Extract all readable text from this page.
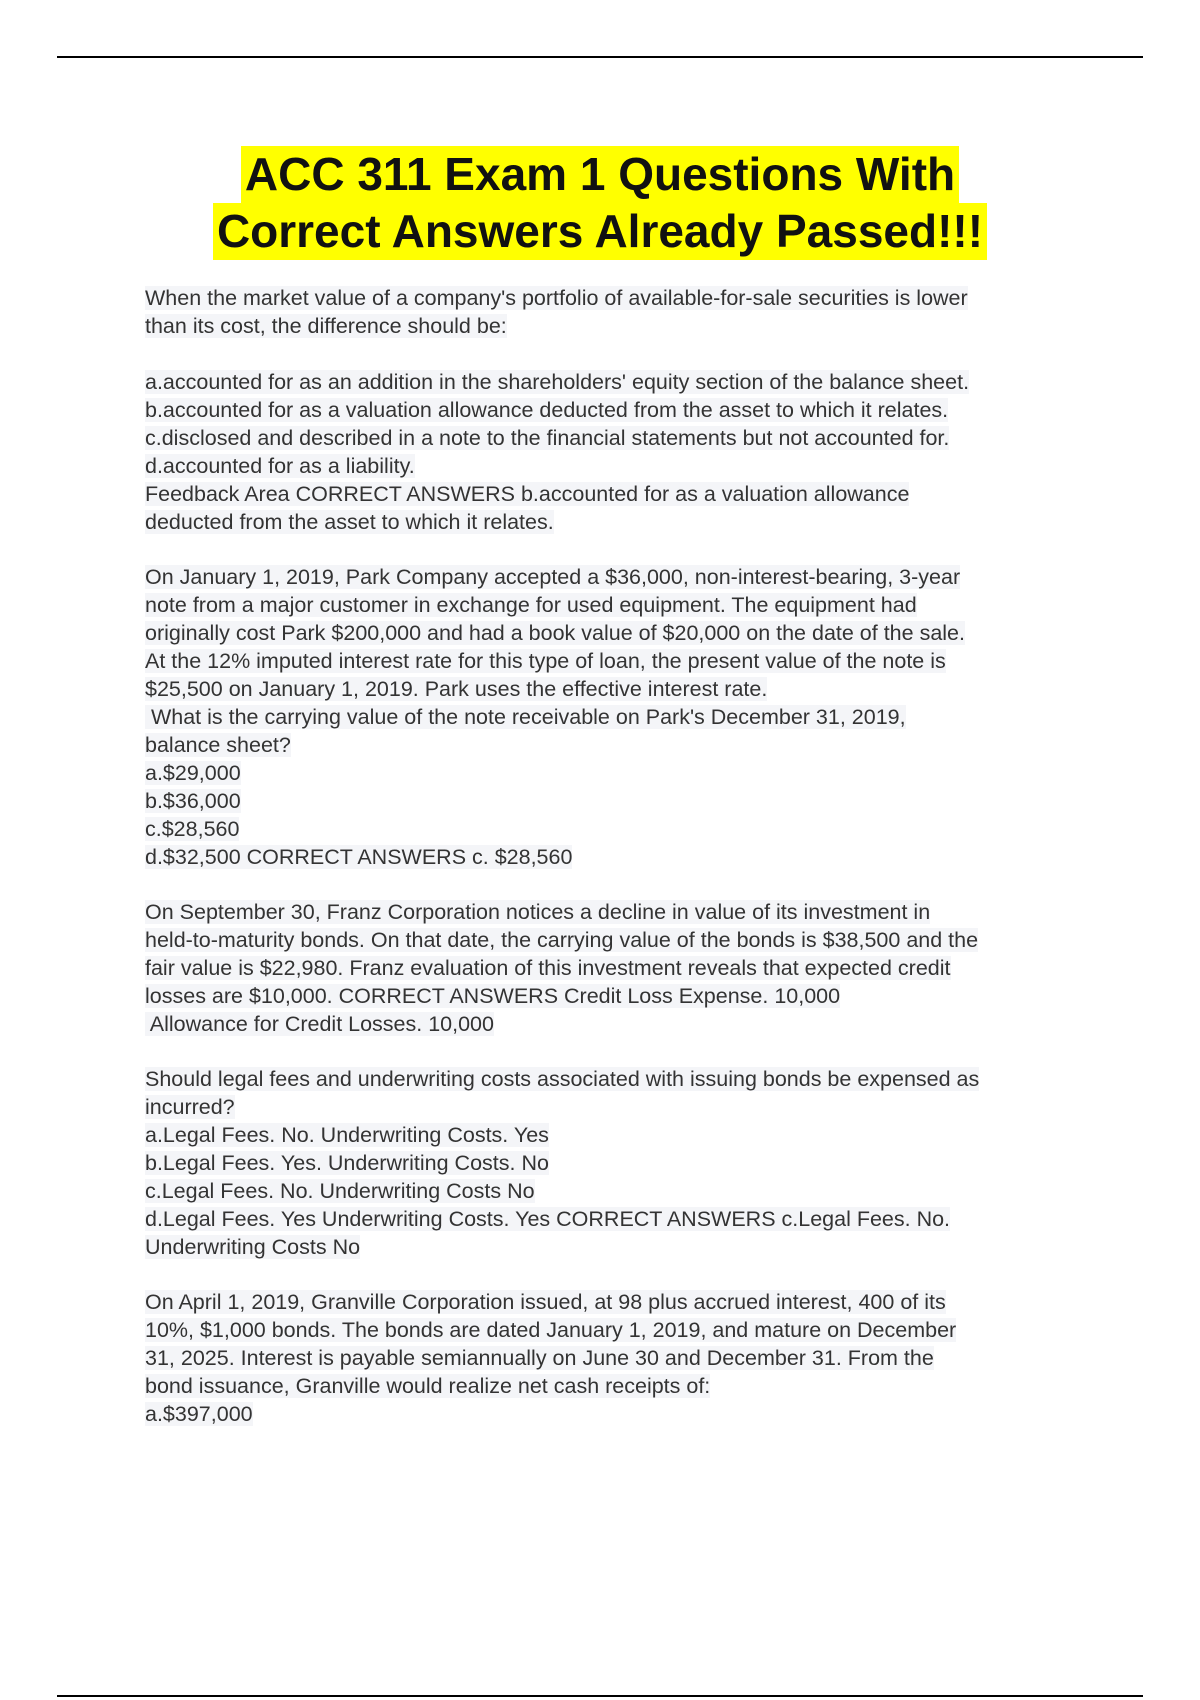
ACC 311 Exam 1 Questions With
Correct Answers Already Passed!!!
When the market value of a company's portfolio of available-for-sale securities is lower
than its cost, the difference should be:
a.accounted for as an addition in the shareholders' equity section of the balance sheet.
b.accounted for as a valuation allowance deducted from the asset to which it relates.
c.disclosed and described in a note to the financial statements but not accounted for.
d.accounted for as a liability.
Feedback Area CORRECT ANSWERS b.accounted for as a valuation allowance
deducted from the asset to which it relates.
On January 1, 2019, Park Company accepted a $36,000, non-interest-bearing, 3-year
note from a major customer in exchange for used equipment. The equipment had
originally cost Park $200,000 and had a book value of $20,000 on the date of the sale.
At the 12% imputed interest rate for this type of loan, the present value of the note is
$25,500 on January 1, 2019. Park uses the effective interest rate.
What is the carrying value of the note receivable on Park's December 31, 2019,
balance sheet?
a.$29,000
b.$36,000
c.$28,560
d.$32,500 CORRECT ANSWERS c. $28,560
On September 30, Franz Corporation notices a decline in value of its investment in
held-to-maturity bonds. On that date, the carrying value of the bonds is $38,500 and the
fair value is $22,980. Franz evaluation of this investment reveals that expected credit
losses are $10,000. CORRECT ANSWERS Credit Loss Expense. 10,000
Allowance for Credit Losses. 10,000
Should legal fees and underwriting costs associated with issuing bonds be expensed as
incurred?
a.Legal Fees. No. Underwriting Costs. Yes
b.Legal Fees. Yes. Underwriting Costs. No
c.Legal Fees. No. Underwriting Costs No
d.Legal Fees. Yes Underwriting Costs. Yes CORRECT ANSWERS c.Legal Fees. No.
Underwriting Costs No
On April 1, 2019, Granville Corporation issued, at 98 plus accrued interest, 400 of its
10%, $1,000 bonds. The bonds are dated January 1, 2019, and mature on December
31, 2025. Interest is payable semiannually on June 30 and December 31. From the
bond issuance, Granville would realize net cash receipts of:
a.$397,000
